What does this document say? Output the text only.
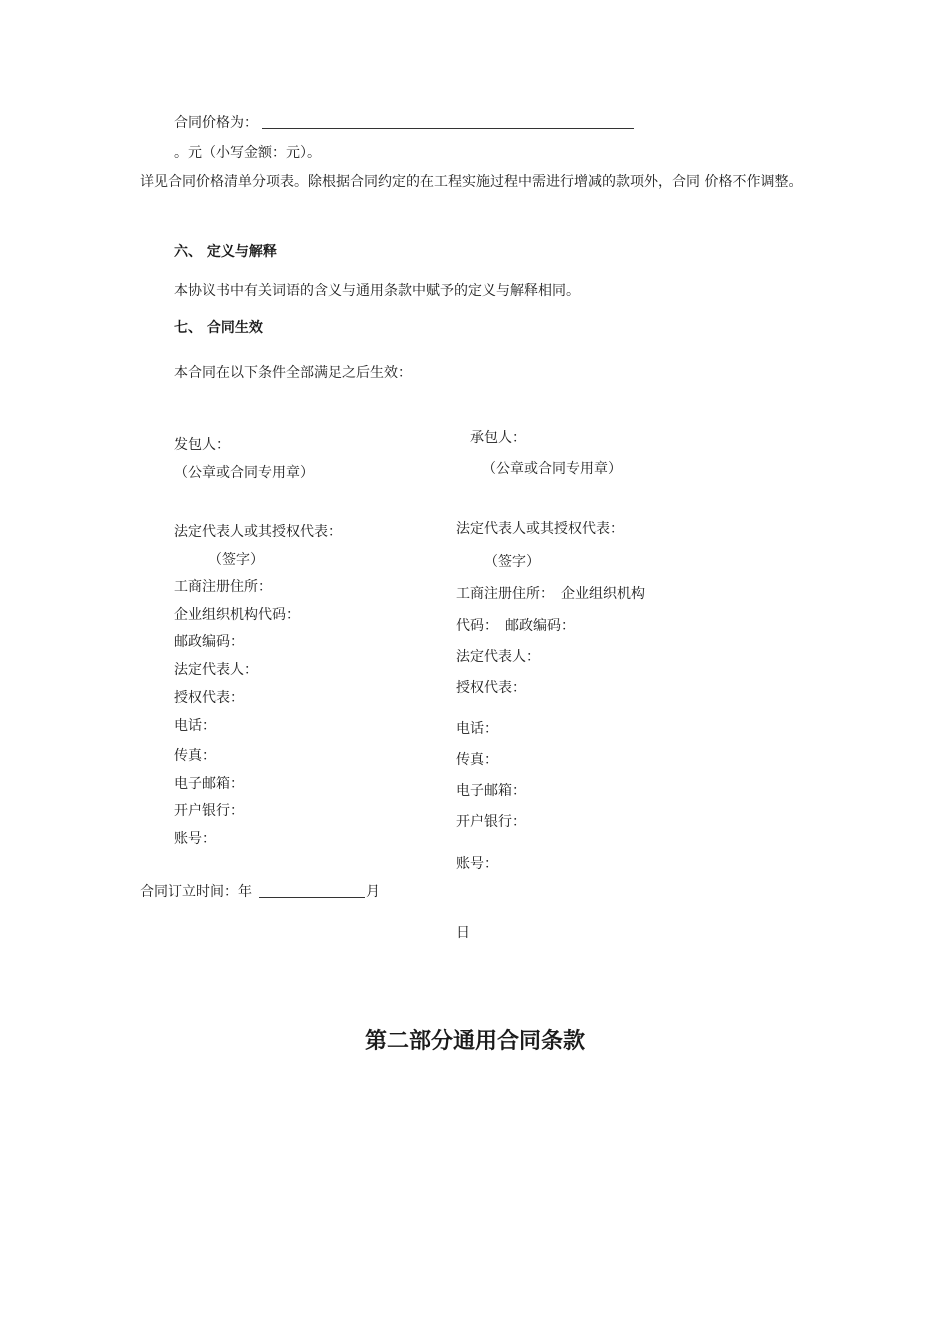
合同价格为：
。元（小写金额：元）。
详见合同价格清单分项表。除根据合同约定的在工程实施过程中需进行增减的款项外，合同 价格不作调整。
六、 定义与解释
本协议书中有关词语的含义与通用条款中赋予的定义与解释相同。
七、 合同生效
本合同在以下条件全部满足之后生效：
发包人：
（公章或合同专用章）
法定代表人或其授权代表：
（签字）
工商注册住所：
企业组织机构代码：
邮政编码：
法定代表人：
授权代表：
电话：
传真：
电子邮箱：
开户银行：
账号：
承包人：
（公章或合同专用章）
法定代表人或其授权代表：
（签字）
工商注册住所：　企业组织机构
代码：　邮政编码：
法定代表人：
授权代表：
电话：
传真：
电子邮箱：
开户银行：
账号：
合同订立时间：年	月
日
第二部分通用合同条款
